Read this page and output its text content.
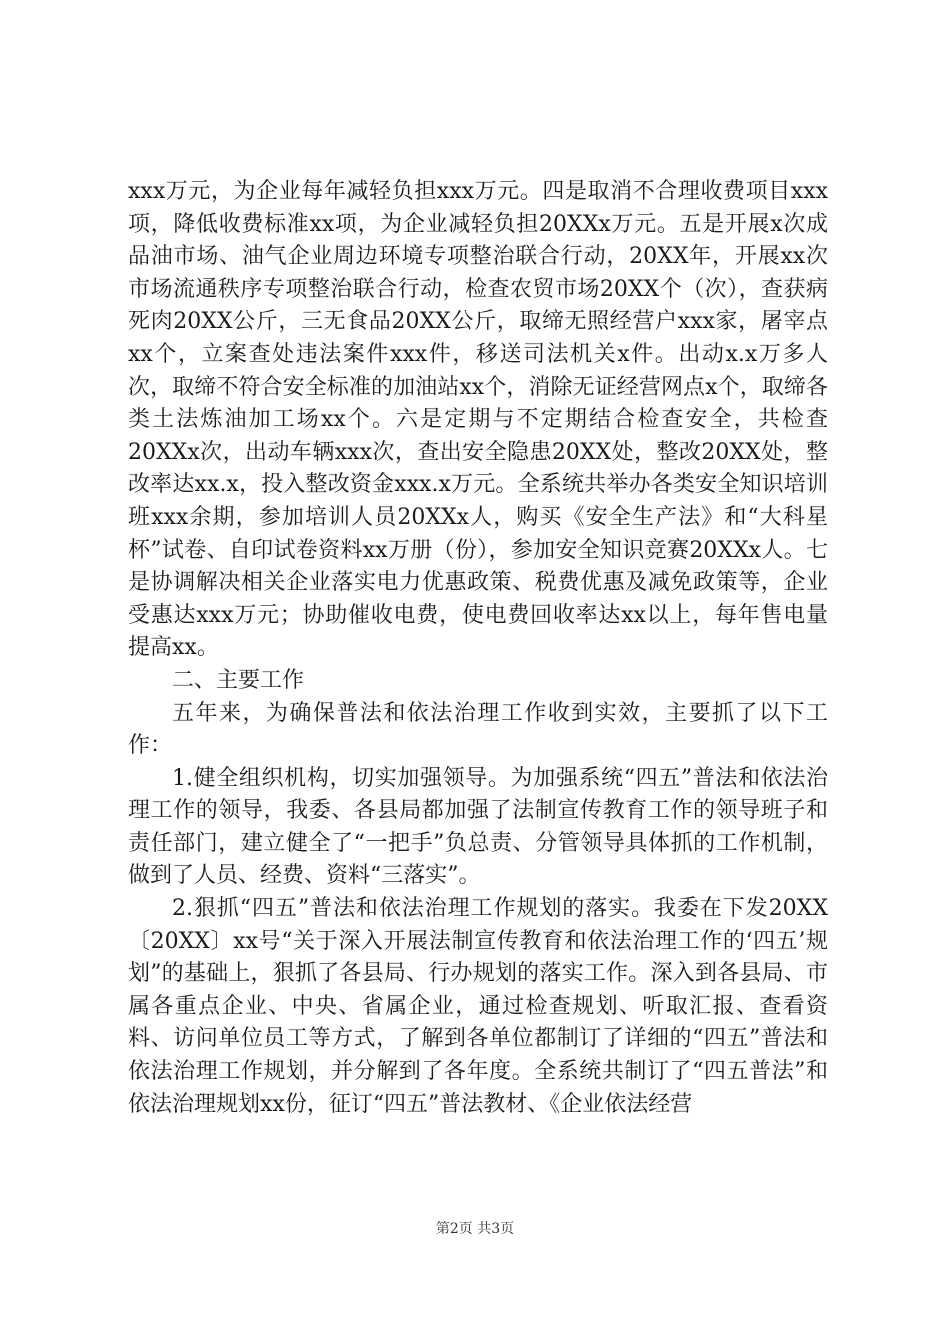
xxx万元，为企业每年减轻负担xxx万元。四是取消不合理收费项目xxx项，降低收费标准xx项，为企业减轻负担20XXx万元。五是开展x次成品油市场、油气企业周边环境专项整治联合行动，20XX年，开展xx次市场流通秩序专项整治联合行动，检查农贸市场20XX个（次），查获病死肉20XX公斤，三无食品20XX公斤，取缔无照经营户xxx家，屠宰点xx个，立案查处违法案件xxx件，移送司法机关x件。出动x.x万多人次，取缔不符合安全标准的加油站xx个，消除无证经营网点x个，取缔各类土法炼油加工场xx个。六是定期与不定期结合检查安全，共检查20XXx次，出动车辆xxx次，查出安全隐患20XX处，整改20XX处，整改率达xx.x，投入整改资金xxx.x万元。全系统共举办各类安全知识培训班xxx余期，参加培训人员20XXx人，购买《安全生产法》和“大科星杯”试卷、自印试卷资料xx万册（份），参加安全知识竞赛20XXx人。七是协调解决相关企业落实电力优惠政策、税费优惠及减免政策等，企业受惠达xxx万元；协助催收电费，使电费回收率达xx以上，每年售电量提高xx。

二、主要工作

五年来，为确保普法和依法治理工作收到实效，主要抓了以下工作：

1.健全组织机构，切实加强领导。为加强系统“四五”普法和依法治理工作的领导，我委、各县局都加强了法制宣传教育工作的领导班子和责任部门，建立健全了“一把手”负总责、分管领导具体抓的工作机制，做到了人员、经费、资料“三落实”。

2.狠抓“四五”普法和依法治理工作规划的落实。我委在下发20XX〔20XX〕xx号“关于深入开展法制宣传教育和依法治理工作的‘四五’规划”的基础上，狠抓了各县局、行办规划的落实工作。深入到各县局、市属各重点企业、中央、省属企业，通过检查规划、听取汇报、查看资料、访问单位员工等方式，了解到各单位都制订了详细的“四五”普法和依法治理工作规划，并分解到了各年度。全系统共制订了“四五普法”和依法治理规划xx份，征订“四五”普法教材、《企业依法经营

第2页 共3页
